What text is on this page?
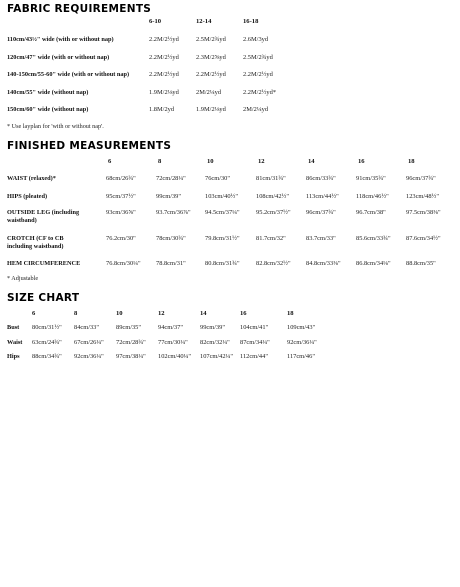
FABRIC REQUIREMENTS
6-10	12-14	16-18
110cm/43½" wide (with or without nap)	2.2M/2½yd	2.5M/2¾yd	2.6M/3yd
120cm/47" wide (with or without nap)	2.2M/2½yd	2.3M/2⅝yd	2.5M/2¾yd
140-150cm/55-60" wide (with or without nap)	2.2M/2½yd	2.2M/2½yd	2.2M/2½yd
140cm/55" wide (without nap)	1.9M/2⅛yd	2M/2¼yd	2.2M/2½yd*
150cm/60" wide (without nap)	1.8M/2yd	1.9M/2⅛yd	2M/2¼yd
* Use layplan for 'with or without nap'.
FINISHED MEASUREMENTS
6	8	10	12	14	16	18
WAIST (relaxed)*	68cm/26¾"	72cm/28¼"	76cm/30"	81cm/31¾"	86cm/33¾"	91cm/35¾"	96cm/37¾"
HIPS (pleated)	95cm/37½"	99cm/39"	103cm/40½"	108cm/42½"	113cm/44½"	118cm/46½"	123cm/48½"
OUTSIDE LEG (including
waistband)
93cm/36⅝"	93.7cm/36⅞" 94.5cm/37¼"	95.2cm/37½" 96cm/37¾"	96.7cm/38"	97.5cm/38⅜"
CROTCH (CF to CB
including waistband)
76.2cm/30"	78cm/30¾"	79.8cm/31½"	81.7cm/32"	83.7cm/33"	85.6cm/33¾" 87.6cm/34½"
HEM CIRCUMFERENCE	76.8cm/30¼" 78.8cm/31"	80.8cm/31¾"	82.8cm/32½" 84.8cm/33⅜" 86.8cm/34⅛" 88.8cm/35"
* Adjustable
SIZE CHART
6	8	10	12	14	16	18
Bust 80cm/31½" 84cm/33"	89cm/35"	94cm/37"	99cm/39" 104cm/41"	109cm/43"
Waist 63cm/24¾" 67cm/26¼" 72cm/28¾" 77cm/30¼" 82cm/32¼" 87cm/34¼"	92cm/36¼"
Hips 88cm/34¾" 92cm/36¼" 97cm/38¼" 102cm/40¼" 107cm/42¼" 112cm/44"	117cm/46"
